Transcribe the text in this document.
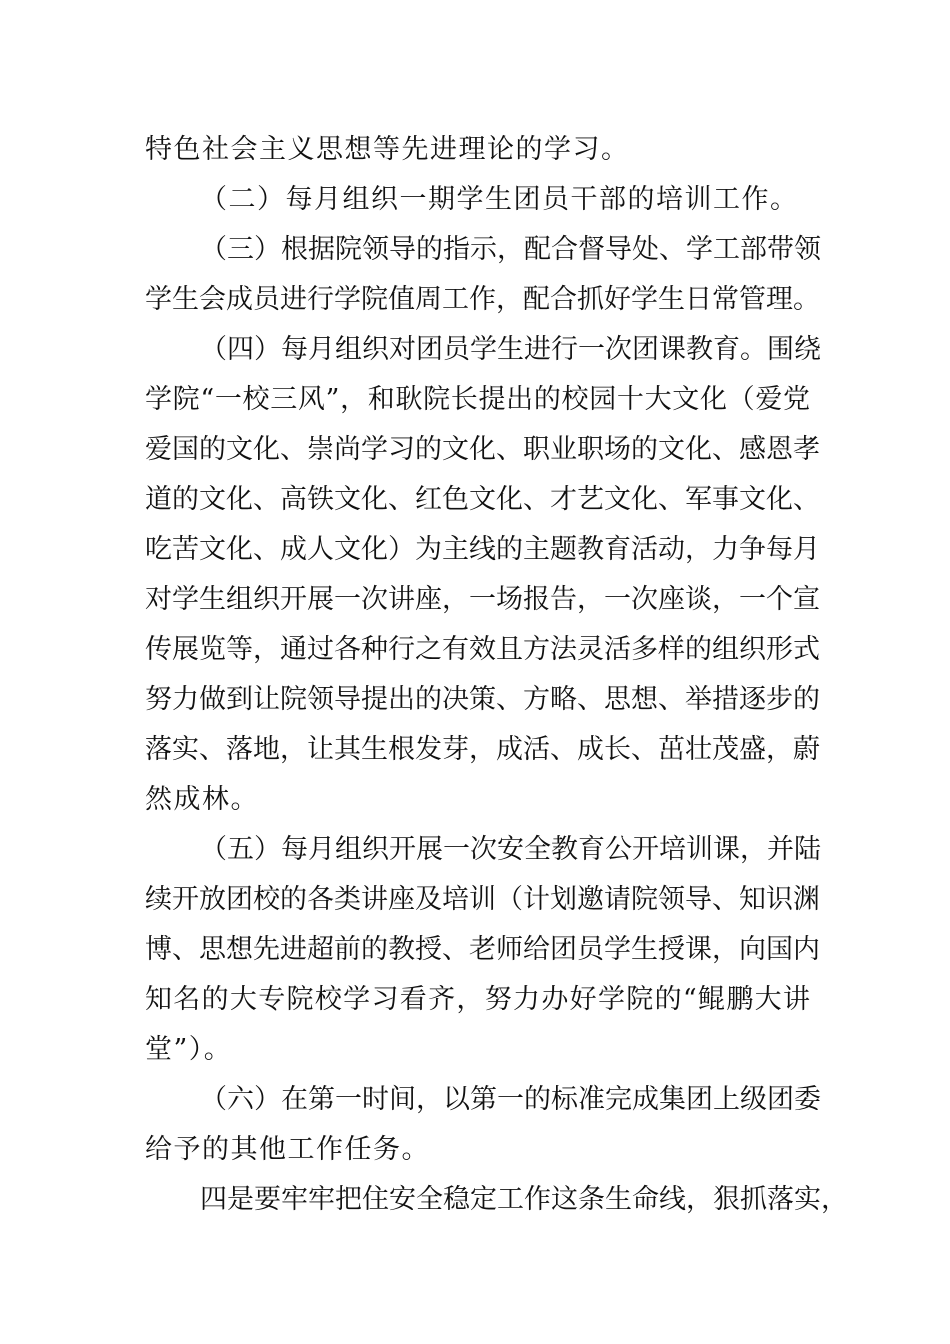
特色社会主义思想等先进理论的学习。
（二）每月组织一期学生团员干部的培训工作。
（三）根据院领导的指示，配合督导处、学工部带领
学生会成员进行学院值周工作，配合抓好学生日常管理。
（四）每月组织对团员学生进行一次团课教育。围绕
学院“一校三风”，和耿院长提出的校园十大文化（爱党
爱国的文化、崇尚学习的文化、职业职场的文化、感恩孝
道的文化、高铁文化、红色文化、才艺文化、军事文化、
吃苦文化、成人文化）为主线的主题教育活动，力争每月
对学生组织开展一次讲座，一场报告，一次座谈，一个宣
传展览等，通过各种行之有效且方法灵活多样的组织形式
努力做到让院领导提出的决策、方略、思想、举措逐步的
落实、落地，让其生根发芽，成活、成长、茁壮茂盛，蔚
然成林。
（五）每月组织开展一次安全教育公开培训课，并陆
续开放团校的各类讲座及培训（计划邀请院领导、知识渊
博、思想先进超前的教授、老师给团员学生授课，向国内
知名的大专院校学习看齐，努力办好学院的“鲲鹏大讲
堂”）。
（六）在第一时间，以第一的标准完成集团上级团委
给予的其他工作任务。
四是要牢牢把住安全稳定工作这条生命线，狠抓落实，
